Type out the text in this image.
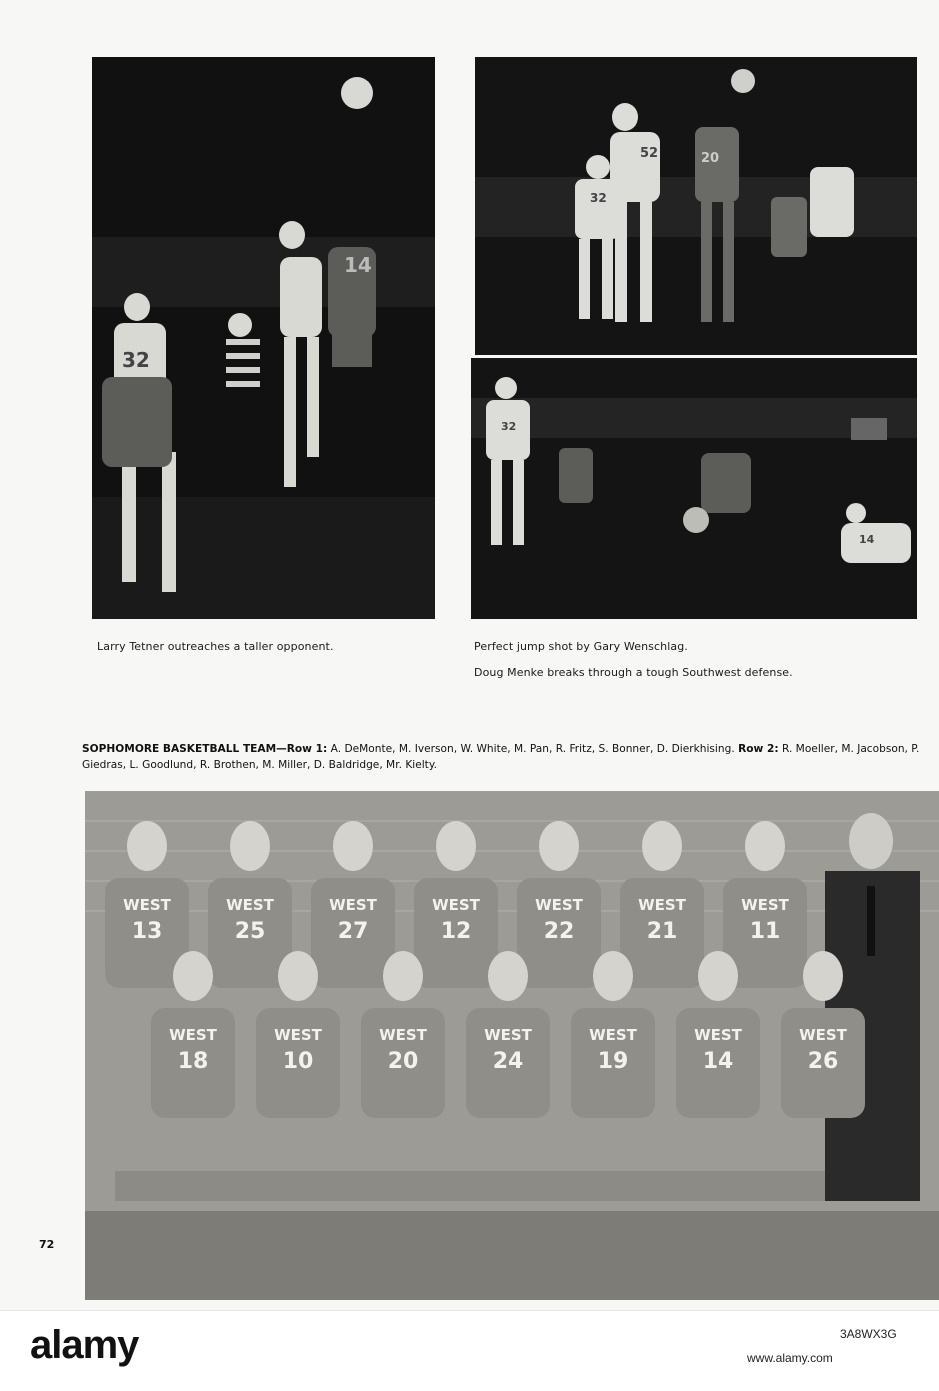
32
14
52
32
20
32
14
Larry Tetner outreaches a taller opponent.	Perfect jump shot by Gary Wenschlag.
Doug Menke breaks through a tough Southwest defense.
SOPHOMORE BASKETBALL TEAM—Row 1: A. DeMonte, M. Iverson, W. White, M. Pan, R. Fritz, S. Bonner, D. Dierkhising. Row 2: R. Moeller, M. Jacobson, P. Giedras, L. Goodlund, R. Brothen, M. Miller, D. Baldridge, Mr. Kielty.
WEST
13
WEST
25
WEST
27
WEST
12
WEST
22
WEST
21
WEST
11
WEST
18
WEST
10
WEST
20
WEST
24
WEST
19
WEST
14
WEST
26
72
alamy	3A8WX3G
www.alamy.com
